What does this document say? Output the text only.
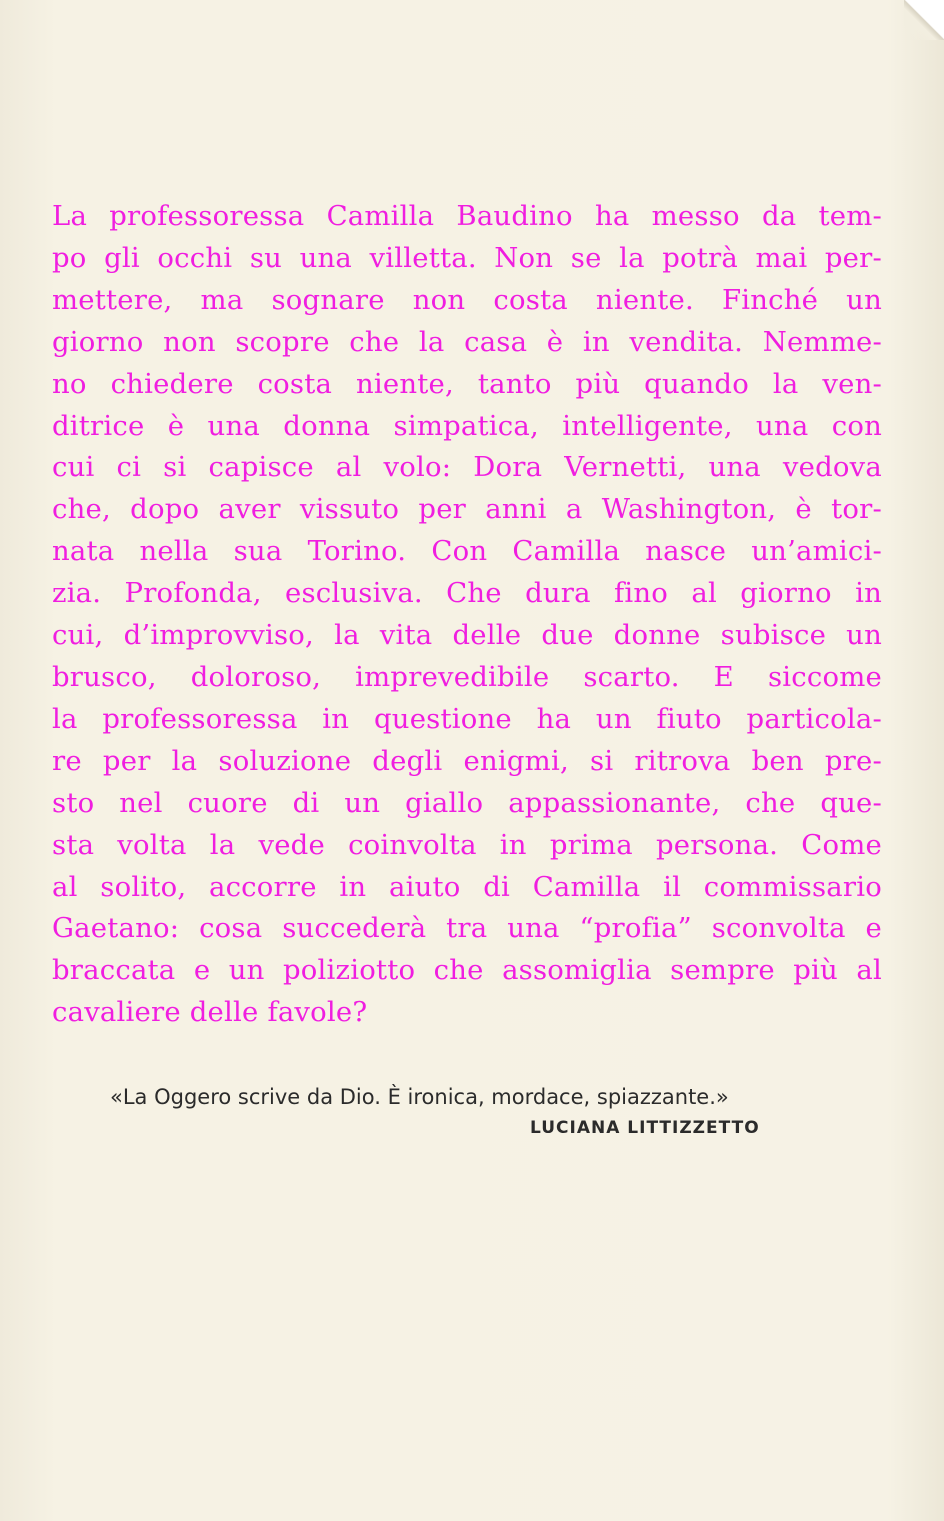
La professoressa Camilla Baudino ha messo da tem-
po gli occhi su una villetta. Non se la potrà mai per-
mettere, ma sognare non costa niente. Finché un
giorno non scopre che la casa è in vendita. Nemme-
no chiedere costa niente, tanto più quando la ven-
ditrice è una donna simpatica, intelligente, una con
cui ci si capisce al volo: Dora Vernetti, una vedova
che, dopo aver vissuto per anni a Washington, è tor-
nata nella sua Torino. Con Camilla nasce un’amici-
zia. Profonda, esclusiva. Che dura fino al giorno in
cui, d’improvviso, la vita delle due donne subisce un
brusco, doloroso, imprevedibile scarto. E siccome
la professoressa in questione ha un fiuto particola-
re per la soluzione degli enigmi, si ritrova ben pre-
sto nel cuore di un giallo appassionante, che que-
sta volta la vede coinvolta in prima persona. Come
al solito, accorre in aiuto di Camilla il commissario
Gaetano: cosa succederà tra una “profia” sconvolta e
braccata e un poliziotto che assomiglia sempre più al
cavaliere delle favole?

«La Oggero scrive da Dio. È ironica, mordace, spiazzante.»

LUCIANA LITTIZZETTO
